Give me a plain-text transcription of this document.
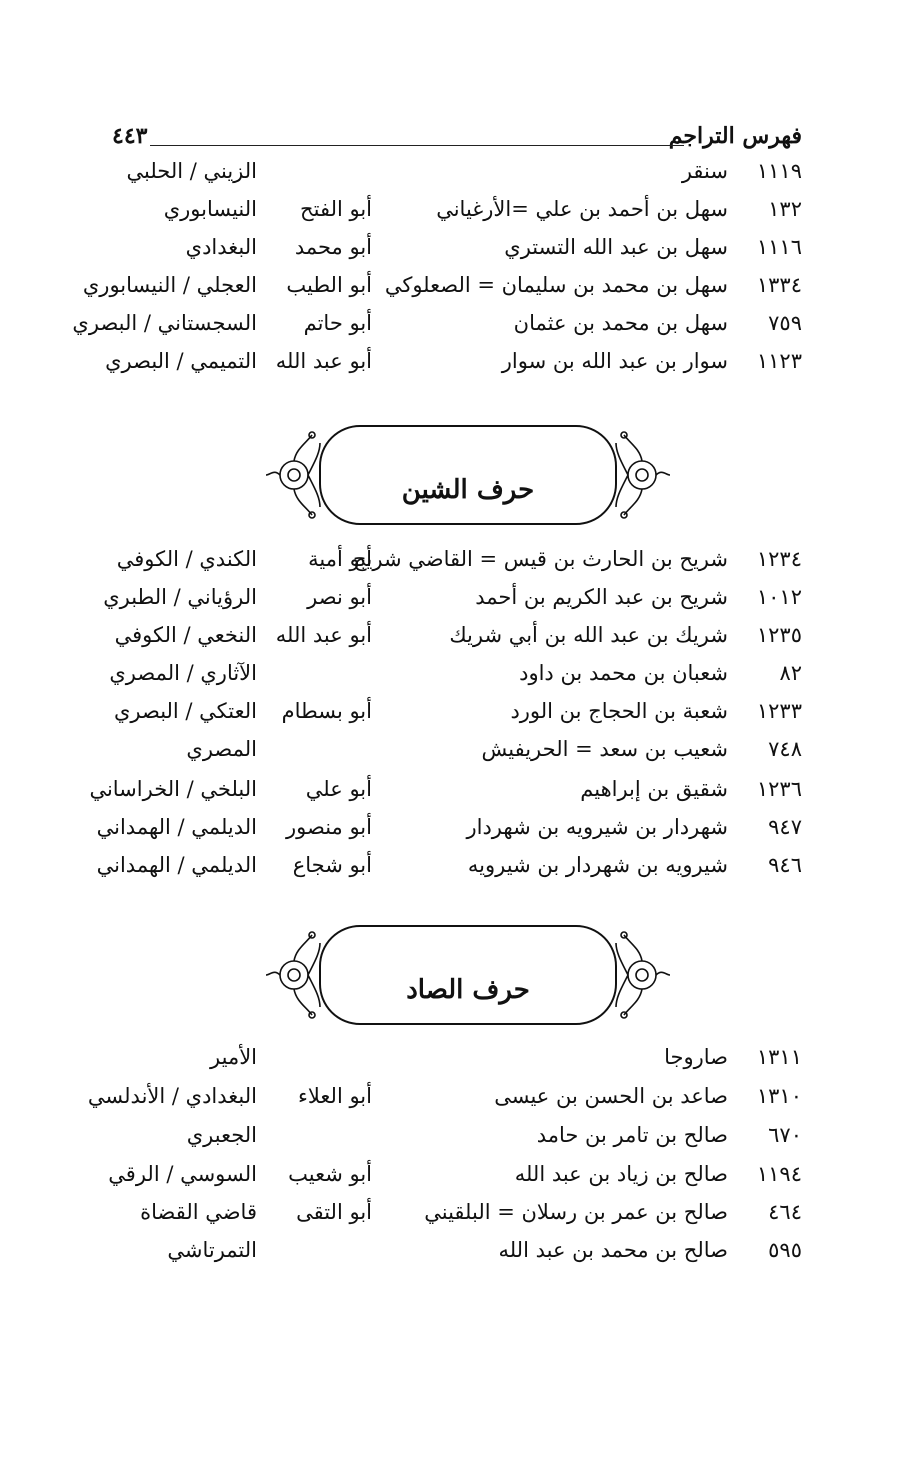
فهرس التراجم
٤٤٣
١١١٩
سنقر
الزيني / الحلبي
١٣٢
سهل بن أحمد بن علي =الأرغياني
أبو الفتح
النيسابوري
١١١٦
سهل بن عبد الله التستري
أبو محمد
البغدادي
١٣٣٤
سهل بن محمد بن سليمان = الصعلوكي
أبو الطيب
العجلي / النيسابوري
٧٥٩
سهل بن محمد بن عثمان
أبو حاتم
السجستاني / البصري
١١٢٣
سوار بن عبد الله بن سوار
أبو عبد الله
التميمي / البصري
حرف الشين
١٢٣٤
شريح بن الحارث بن قيس = القاضي شريح
أبو أمية
الكندي / الكوفي
١٠١٢
شريح بن عبد الكريم بن أحمد
أبو نصر
الرؤياني / الطبري
١٢٣٥
شريك بن عبد الله بن أبي شريك
أبو عبد الله
النخعي / الكوفي
٨٢
شعبان بن محمد بن داود
الآثاري / المصري
١٢٣٣
شعبة بن الحجاج بن الورد
أبو بسطام
العتكي / البصري
٧٤٨
شعيب بن سعد = الحريفيش
المصري
١٢٣٦
شقيق بن إبراهيم
أبو علي
البلخي / الخراساني
٩٤٧
شهردار بن شيرويه بن شهردار
أبو منصور
الديلمي / الهمداني
٩٤٦
شيرويه بن شهردار بن شيرويه
أبو شجاع
الديلمي / الهمداني
حرف الصاد
١٣١١
صاروجا
الأمير
١٣١٠
صاعد بن الحسن بن عيسى
أبو العلاء
البغدادي / الأندلسي
٦٧٠
صالح بن تامر بن حامد
الجعبري
١١٩٤
صالح بن زياد بن عبد الله
أبو شعيب
السوسي / الرقي
٤٦٤
صالح بن عمر بن رسلان = البلقيني
أبو التقى
قاضي القضاة
٥٩٥
صالح بن محمد بن عبد الله
التمرتاشي
